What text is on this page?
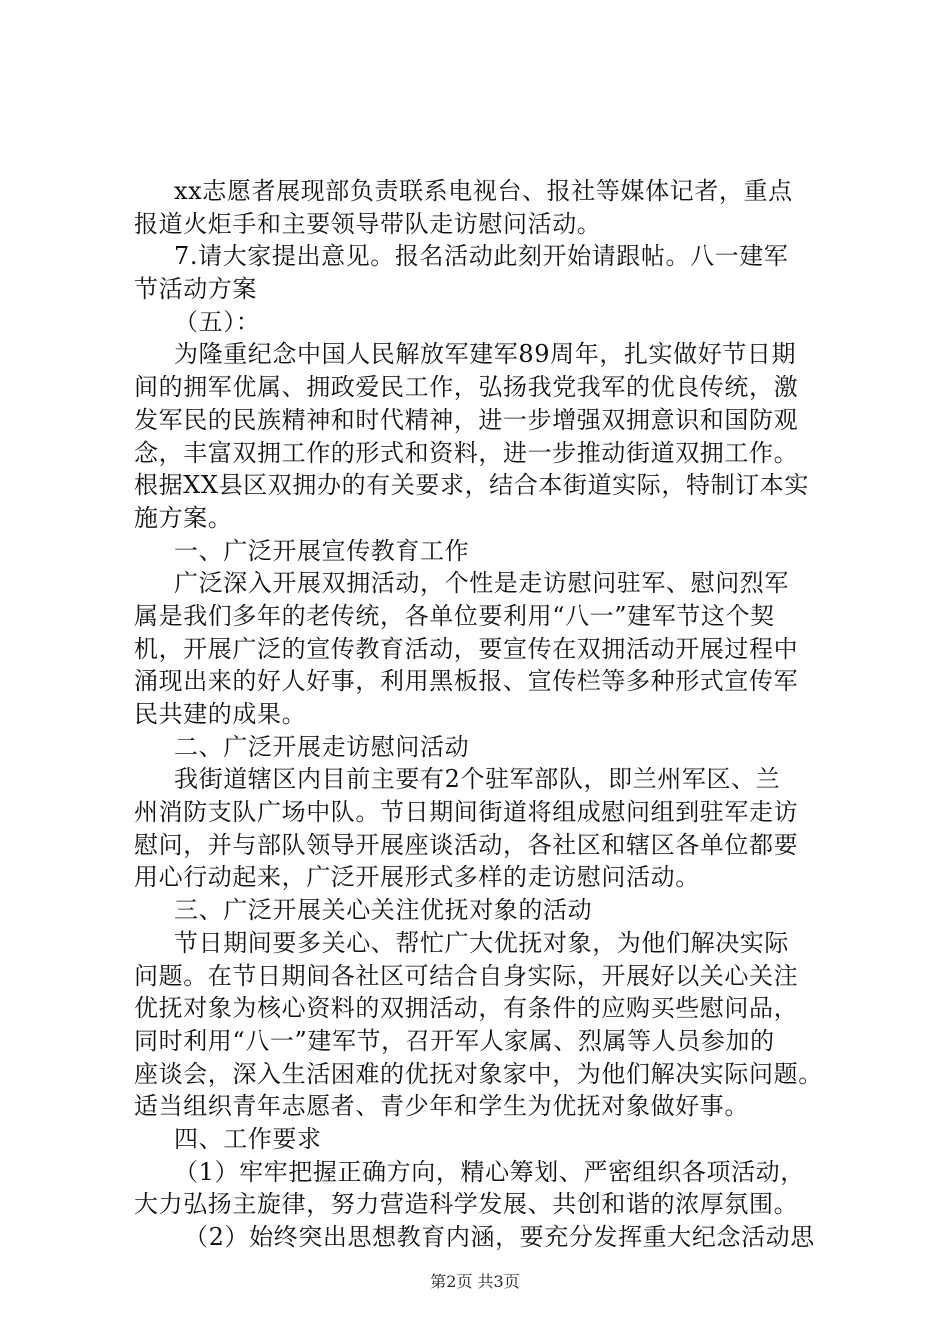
xx志愿者展现部负责联系电视台、报社等媒体记者，重点
报道火炬手和主要领导带队走访慰问活动。
7.请大家提出意见。报名活动此刻开始请跟帖。八一建军
节活动方案
（五）：
为隆重纪念中国人民解放军建军89周年，扎实做好节日期
间的拥军优属、拥政爱民工作，弘扬我党我军的优良传统，激
发军民的民族精神和时代精神，进一步增强双拥意识和国防观
念，丰富双拥工作的形式和资料，进一步推动街道双拥工作。
根据XX县区双拥办的有关要求，结合本街道实际，特制订本实
施方案。
一、广泛开展宣传教育工作
广泛深入开展双拥活动，个性是走访慰问驻军、慰问烈军
属是我们多年的老传统，各单位要利用“八一”建军节这个契
机，开展广泛的宣传教育活动，要宣传在双拥活动开展过程中
涌现出来的好人好事，利用黑板报、宣传栏等多种形式宣传军
民共建的成果。
二、广泛开展走访慰问活动
我街道辖区内目前主要有2个驻军部队，即兰州军区、兰
州消防支队广场中队。节日期间街道将组成慰问组到驻军走访
慰问，并与部队领导开展座谈活动，各社区和辖区各单位都要
用心行动起来，广泛开展形式多样的走访慰问活动。
三、广泛开展关心关注优抚对象的活动
节日期间要多关心、帮忙广大优抚对象，为他们解决实际
问题。在节日期间各社区可结合自身实际，开展好以关心关注
优抚对象为核心资料的双拥活动，有条件的应购买些慰问品，
同时利用“八一”建军节，召开军人家属、烈属等人员参加的
座谈会，深入生活困难的优抚对象家中，为他们解决实际问题。
适当组织青年志愿者、青少年和学生为优抚对象做好事。
四、工作要求
（1）牢牢把握正确方向，精心筹划、严密组织各项活动，
大力弘扬主旋律，努力营造科学发展、共创和谐的浓厚氛围。
（2）始终突出思想教育内涵，要充分发挥重大纪念活动思
第2页 共3页
